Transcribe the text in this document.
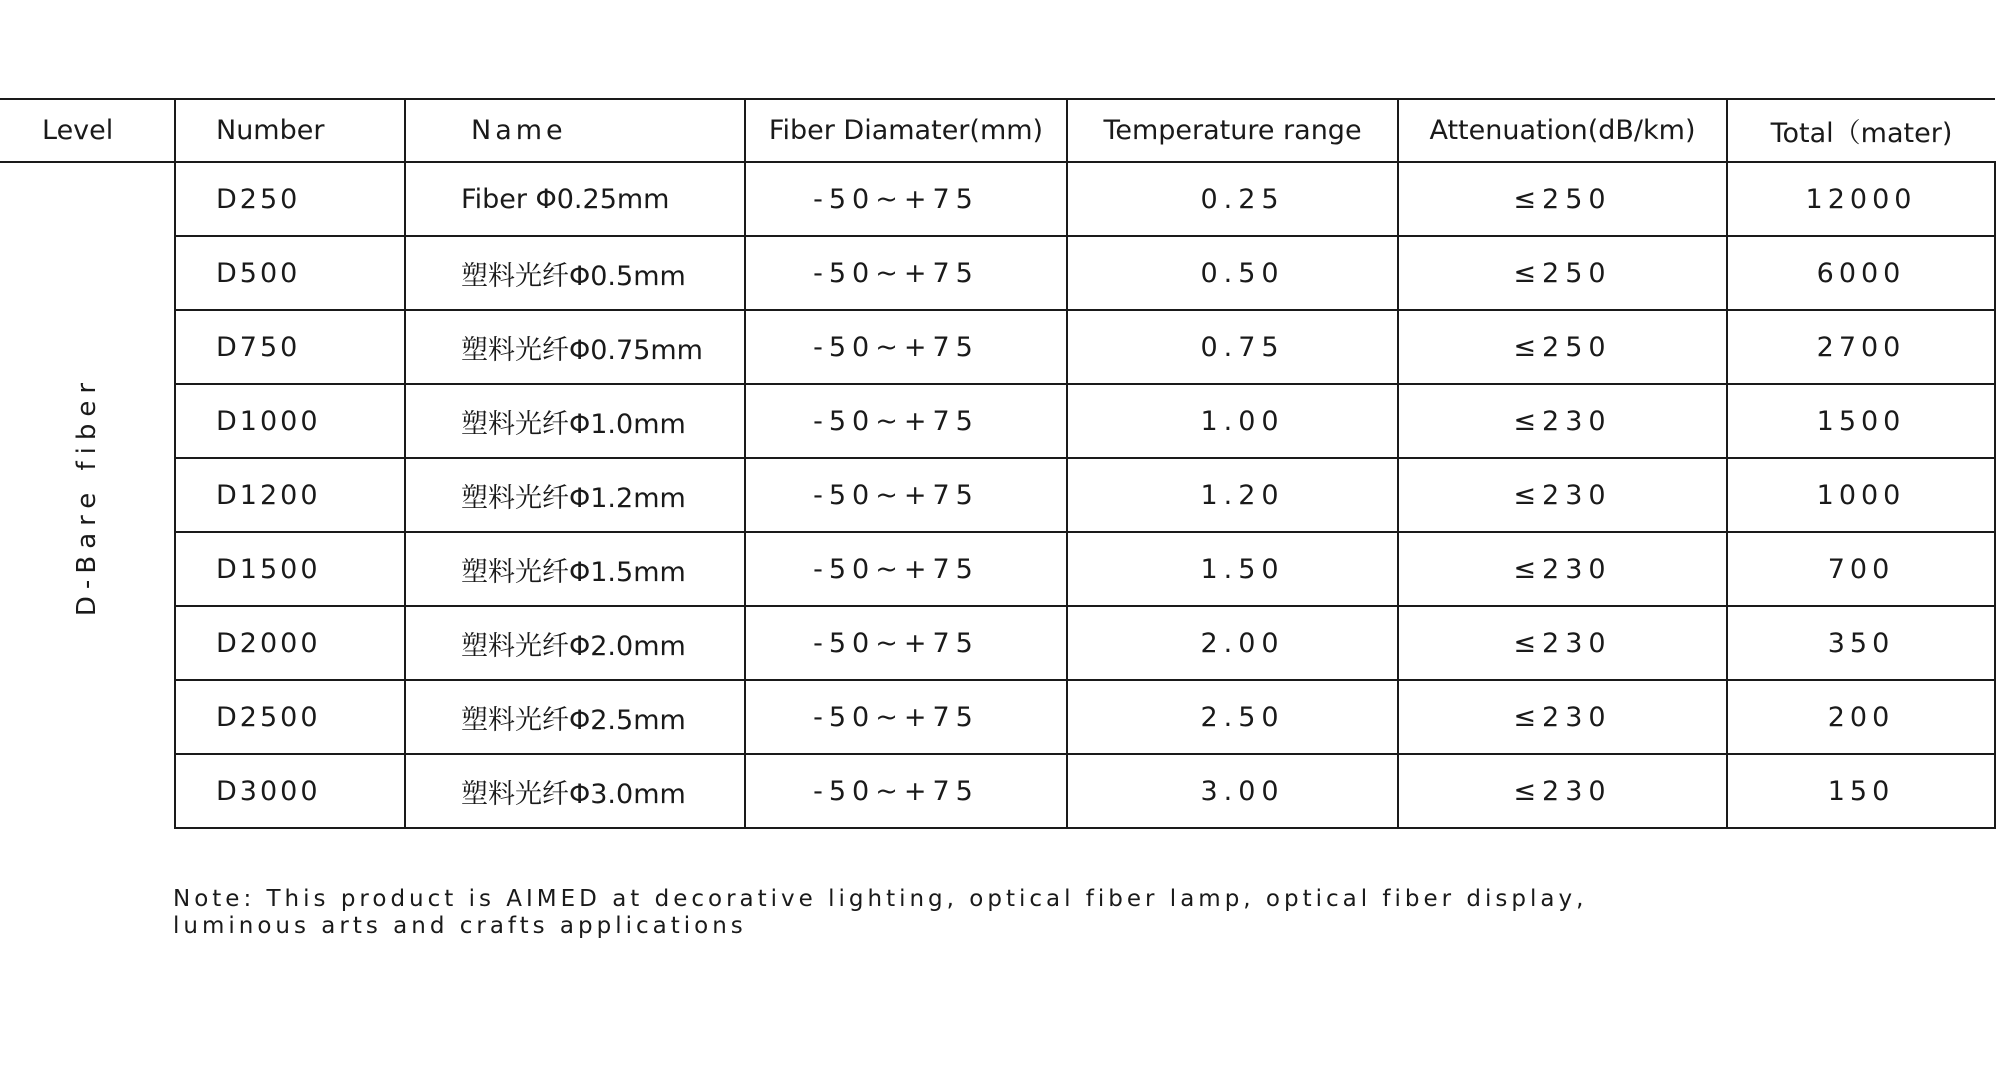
Level	Number	Name	Fiber Diamater(mm)	Temperature range	Attenuation(dB/km)	Total（mater)

D-Bare fiber	D250	Fiber Φ0.25mm	-50~+75	0.25	≤250	12000
	D500	塑料光纤Φ0.5mm	-50~+75	0.50	≤250	6000
	D750	塑料光纤Φ0.75mm	-50~+75	0.75	≤250	2700
	D1000	塑料光纤Φ1.0mm	-50~+75	1.00	≤230	1500
	D1200	塑料光纤Φ1.2mm	-50~+75	1.20	≤230	1000
	D1500	塑料光纤Φ1.5mm	-50~+75	1.50	≤230	700
	D2000	塑料光纤Φ2.0mm	-50~+75	2.00	≤230	350
	D2500	塑料光纤Φ2.5mm	-50~+75	2.50	≤230	200
	D3000	塑料光纤Φ3.0mm	-50~+75	3.00	≤230	150
Note: This product is AIMED at decorative lighting, optical fiber lamp, optical fiber display,
luminous arts and crafts applications
